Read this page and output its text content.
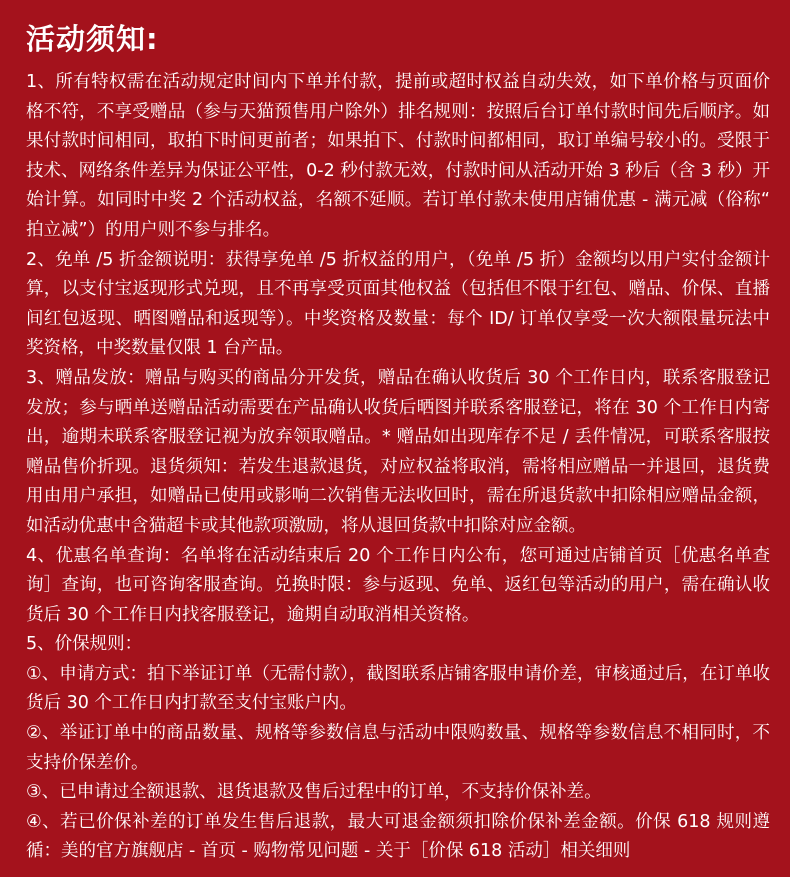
活动须知:

1、所有特权需在活动规定时间内下单并付款，提前或超时权益自动失效，如下单价格与页面价格不符，不享受赠品（参与天猫预售用户除外）排名规则：按照后台订单付款时间先后顺序。如果付款时间相同，取拍下时间更前者；如果拍下、付款时间都相同，取订单编号较小的。受限于技术、网络条件差异为保证公平性，0-2 秒付款无效，付款时间从活动开始 3 秒后（含 3 秒）开始计算。如同时中奖 2 个活动权益，名额不延顺。若订单付款未使用店铺优惠 - 满元减（俗称“ 拍立减”）的用户则不参与排名。

2、免单 /5 折金额说明：获得享免单 /5 折权益的用户，（免单 /5 折）金额均以用户实付金额计算，以支付宝返现形式兑现，且不再享受页面其他权益（包括但不限于红包、赠品、价保、直播间红包返现、晒图赠品和返现等）。中奖资格及数量：每个 ID/ 订单仅享受一次大额限量玩法中奖资格，中奖数量仅限 1 台产品。

3、赠品发放：赠品与购买的商品分开发货，赠品在确认收货后 30 个工作日内，联系客服登记发放；参与晒单送赠品活动需要在产品确认收货后晒图并联系客服登记，将在 30 个工作日内寄出，逾期未联系客服登记视为放弃领取赠品。* 赠品如出现库存不足 / 丢件情况，可联系客服按赠品售价折现。退货须知：若发生退款退货，对应权益将取消，需将相应赠品一并退回，退货费用由用户承担，如赠品已使用或影响二次销售无法收回时，需在所退货款中扣除相应赠品金额，如活动优惠中含猫超卡或其他款项激励，将从退回货款中扣除对应金额。

4、优惠名单查询：名单将在活动结束后 20 个工作日内公布，您可通过店铺首页［优惠名单查询］查询，也可咨询客服查询。兑换时限：参与返现、免单、返红包等活动的用户，需在确认收货后 30 个工作日内找客服登记，逾期自动取消相关资格。

5、价保规则：

①、申请方式：拍下举证订单（无需付款），截图联系店铺客服申请价差，审核通过后，在订单收货后 30 个工作日内打款至支付宝账户内。

②、举证订单中的商品数量、规格等参数信息与活动中限购数量、规格等参数信息不相同时，不支持价保差价。

③、已申请过全额退款、退货退款及售后过程中的订单，不支持价保补差。

④、若已价保补差的订单发生售后退款，最大可退金额须扣除价保补差金额。价保 618 规则遵循：美的官方旗舰店 - 首页 - 购物常见问题 - 关于［价保 618 活动］相关细则
